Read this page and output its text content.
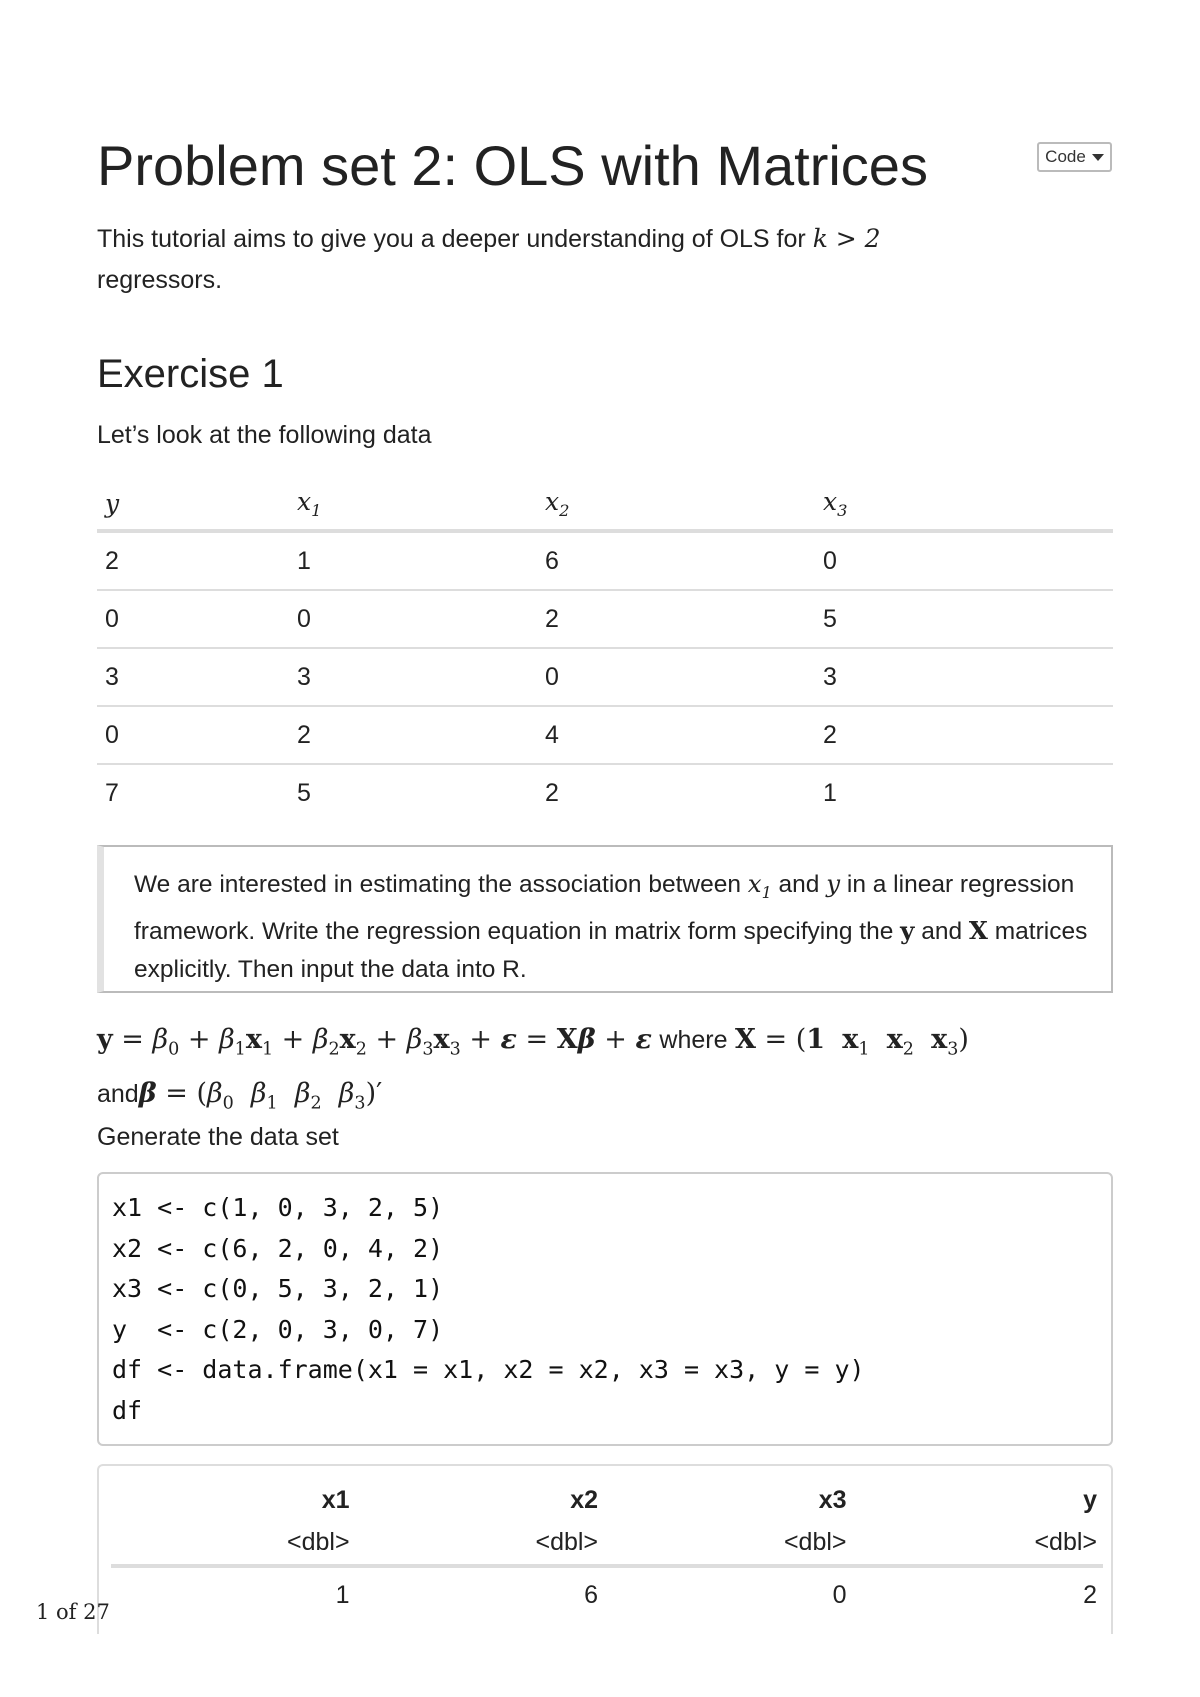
Code
Problem set 2: OLS with Matrices

This tutorial aims to give you a deeper understanding of OLS for k > 2
regressors.

Exercise 1

Let’s look at the following data

y	$x_1$	$x_2$	$x_3$
2	1	6	0
0	0	2	5
3	3	0	3
0	2	4	2
7	5	2	1
We are interested in estimating the association between $x_1$ and y in a linear regression framework. Write the regression equation in matrix form specifying the y and X matrices explicitly. Then input the data into R.
$y = \beta_0 + \beta_1x_1 + \beta_2x_2 + \beta_3x_3 + \varepsilon = X\beta + \varepsilon$ where X = (1 $x_1$ $x_2$ $x_3$)
$and\beta = (\beta_0$ $\beta_1$ $\beta_2$ $\beta_3)'$

Generate the data set

x1 <- c(1, 0, 3, 2, 5)
x2 <- c(6, 2, 0, 4, 2)
x3 <- c(0, 5, 3, 2, 1)
y  <- c(2, 0, 3, 0, 7)
df <- data.frame(x1 = x1, x2 = x2, x3 = x3, y = y)
df
x1	x2	x3	y
<dbl>	<dbl>	<dbl>	<dbl>
1	6	0	2
1 of 27
